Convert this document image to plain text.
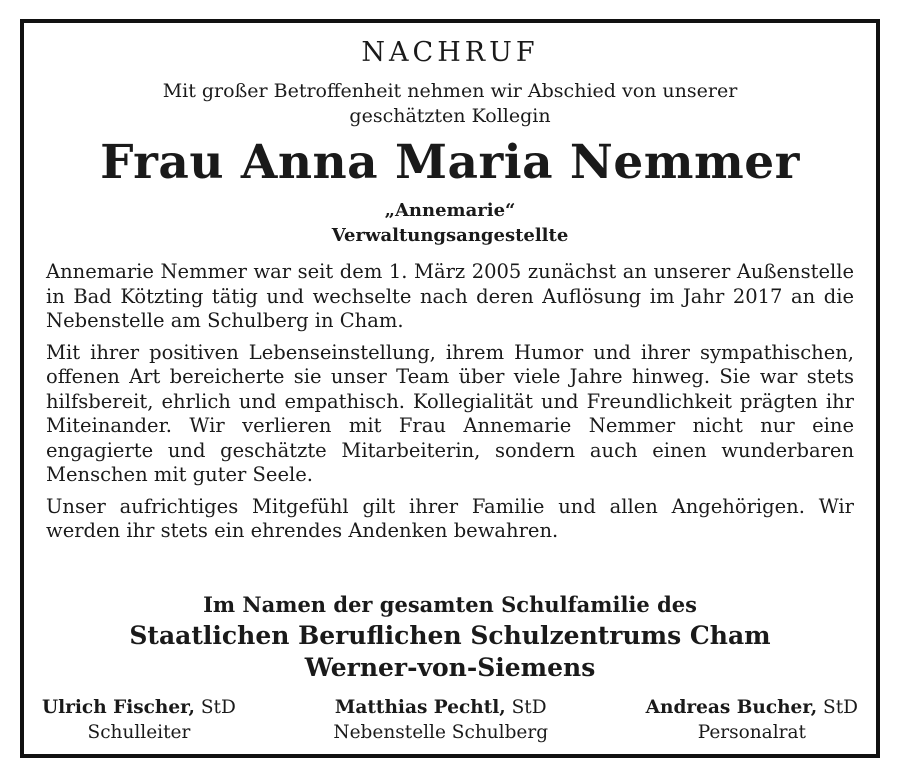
NACHRUF
Mit großer Betroffenheit nehmen wir Abschied von unserer
geschätzten Kollegin
Frau Anna Maria Nemmer
„Annemarie“
Verwaltungsangestellte

Annemarie Nemmer war seit dem 1. März 2005 zunächst an unserer Außenstelle in Bad Kötzting tätig und wechselte nach deren Auflösung im Jahr 2017 an die Nebenstelle am Schulberg in Cham.

Mit ihrer positiven Lebenseinstellung, ihrem Humor und ihrer sympathischen, offenen Art bereicherte sie unser Team über viele Jahre hinweg. Sie war stets hilfsbereit, ehrlich und empathisch. Kollegialität und Freundlichkeit prägten ihr Miteinander. Wir verlieren mit Frau Annemarie Nemmer nicht nur eine engagierte und geschätzte Mitarbeiterin, sondern auch einen wunderbaren Menschen mit guter Seele.

Unser aufrichtiges Mitgefühl gilt ihrer Familie und allen Angehörigen. Wir werden ihr stets ein ehrendes Andenken bewahren.

Im Namen der gesamten Schulfamilie des
Staatlichen Beruflichen Schulzentrums Cham
Werner-von-Siemens
Ulrich Fischer, StD
Schulleiter
Matthias Pechtl, StD
Nebenstelle Schulberg
Andreas Bucher, StD
Personalrat
